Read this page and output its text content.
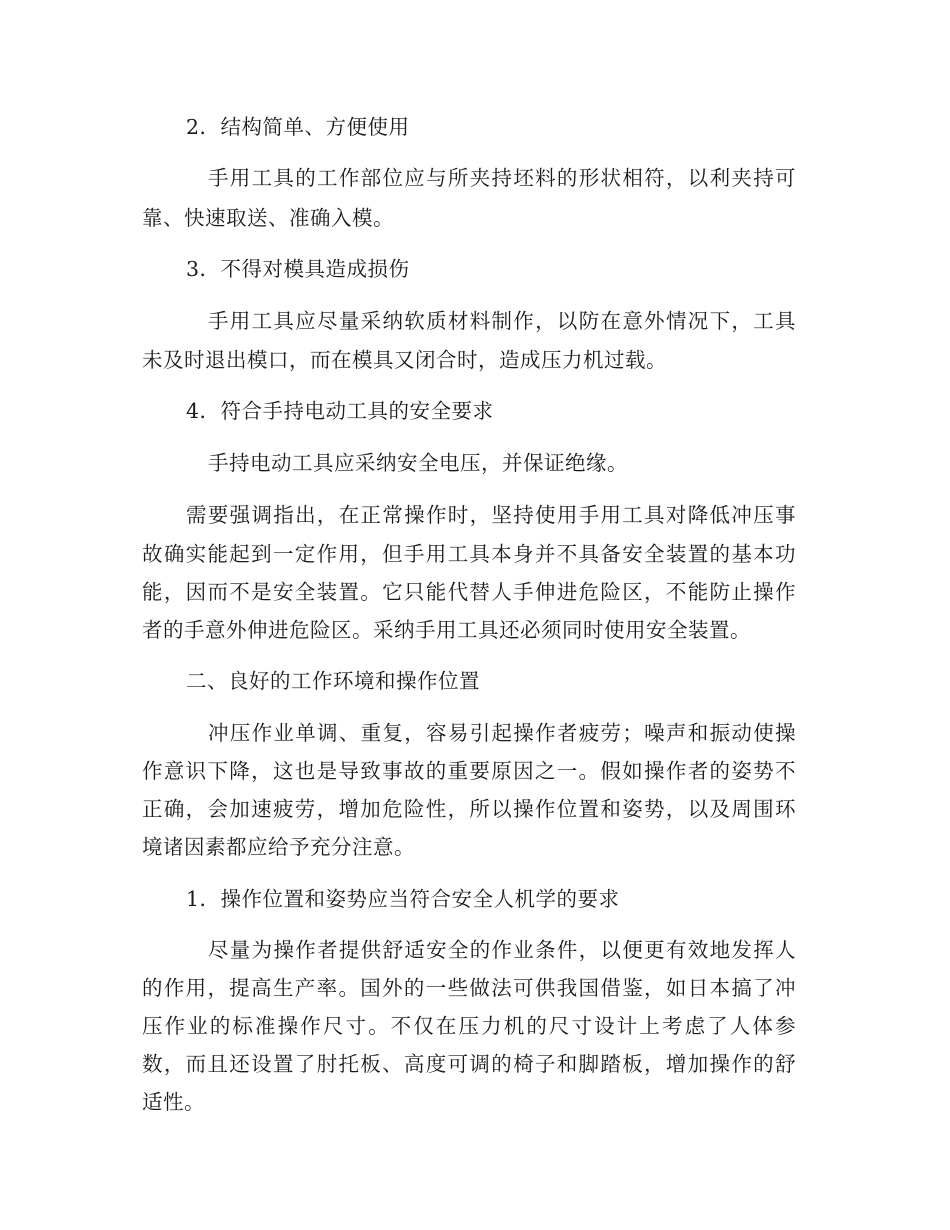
2．结构简单、方便使用
手用工具的工作部位应与所夹持坯料的形状相符，以利夹持可
靠、快速取送、准确入模。
3．不得对模具造成损伤
手用工具应尽量采纳软质材料制作，以防在意外情况下，工具
未及时退出模口，而在模具又闭合时，造成压力机过载。
4．符合手持电动工具的安全要求
手持电动工具应采纳安全电压，并保证绝缘。
需要强调指出，在正常操作时，坚持使用手用工具对降低冲压事
故确实能起到一定作用，但手用工具本身并不具备安全装置的基本功
能，因而不是安全装置。它只能代替人手伸进危险区，不能防止操作
者的手意外伸进危险区。采纳手用工具还必须同时使用安全装置。
二、良好的工作环境和操作位置
冲压作业单调、重复，容易引起操作者疲劳；噪声和振动使操
作意识下降，这也是导致事故的重要原因之一。假如操作者的姿势不
正确，会加速疲劳，增加危险性，所以操作位置和姿势，以及周围环
境诸因素都应给予充分注意。
1．操作位置和姿势应当符合安全人机学的要求
尽量为操作者提供舒适安全的作业条件，以便更有效地发挥人
的作用，提高生产率。国外的一些做法可供我国借鉴，如日本搞了冲
压作业的标准操作尺寸。不仅在压力机的尺寸设计上考虑了人体参
数，而且还设置了肘托板、高度可调的椅子和脚踏板，增加操作的舒
适性。
